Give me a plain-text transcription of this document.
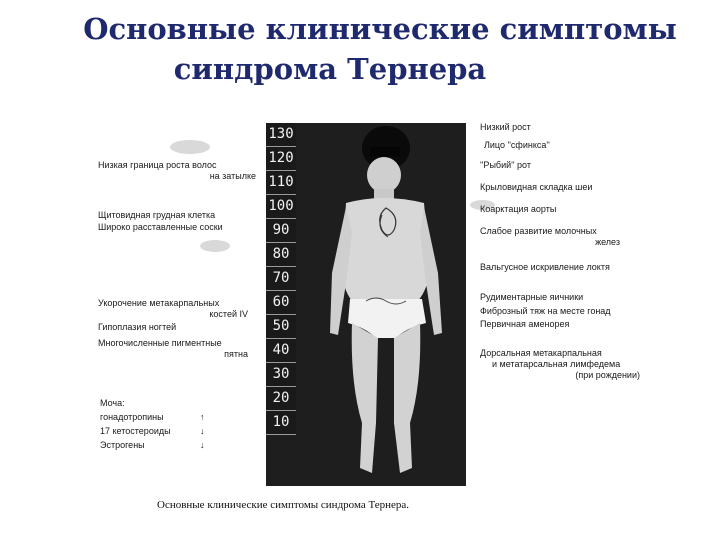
Основные клинические симптомы
синдрома Тернера
130
120
110
100
90
80
70
60
50
40
30
20
10
Низкая граница роста волос
на затылке
Щитовидная грудная клетка
Широко расставленные соски
Укорочение метакарпальных
костей IV
Гипоплазия ногтей
Многочисленные пигментные
пятна
Моча:
гонадотропины	↑
17 кетостероиды	↓
Эстрогены	↓
Низкий рост
Лицо ''сфинкса''
''Рыбий'' рот
Крыловидная складка шеи
Коарктация аорты
Слабое развитие молочных
желез
Вальгусное искривление локтя
Рудиментарные яичники
Фиброзный тяж на месте гонад
Первичная аменорея
Дорсальная метакарпальная
и метатарсальная лимфедема
(при рождении)
Основные клинические симптомы синдрома Тернера.
